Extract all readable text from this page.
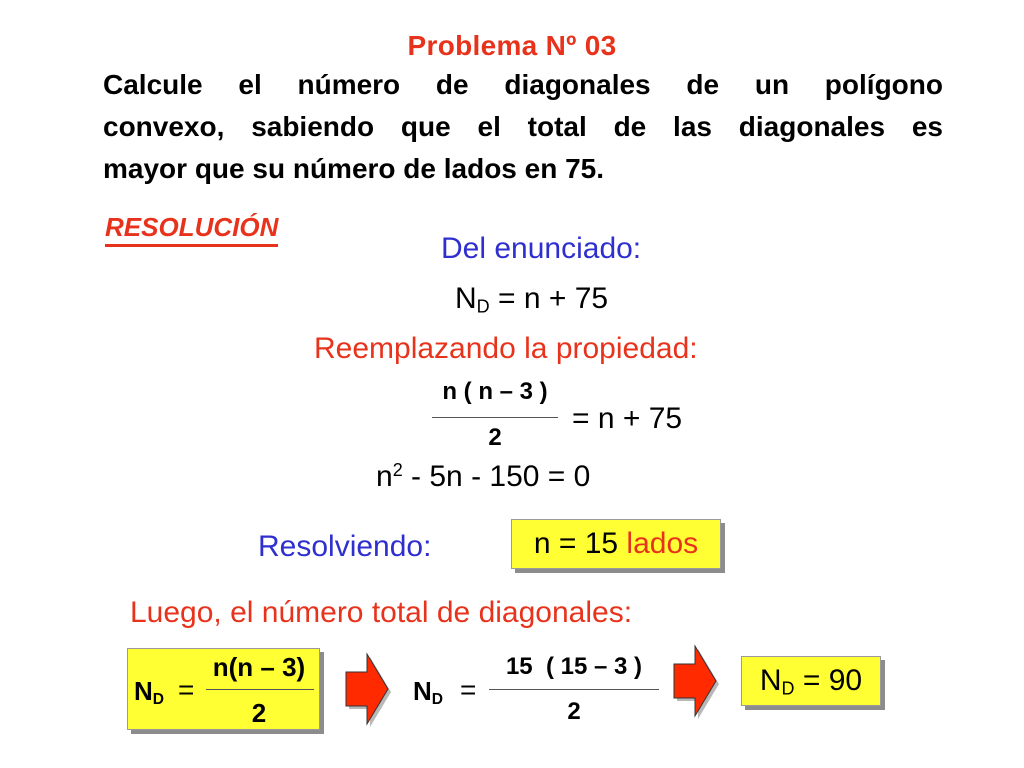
Problema Nº 03
Calcule el número de diagonales de un polígono
convexo, sabiendo que el total de las diagonales es
mayor que su número de lados en 75.
RESOLUCIÓN
Del enunciado:
$N_D = n + 75$
Reemplazando la propiedad:
n ( n – 3 )
2
= n + 75
$n^2 - 5n - 150 = 0$
Resolviendo:	n = 15 lados
Luego, el número total de diagonales:
$N_D$ =
n(n – 3)
2
$N_D$ =
15  ( 15 – 3 )
2
$N_D = 90$
